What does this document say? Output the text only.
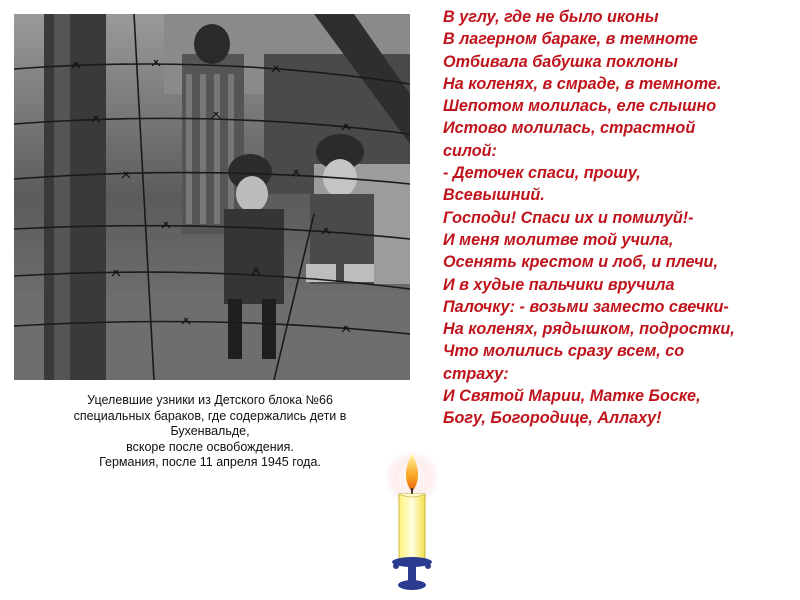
Уцелевшие узники из Детского блока №66
специальных бараков, где содержались дети в
Бухенвальде,
вскоре после освобождения.
Германия, после 11 апреля 1945 года.
В углу, где не было иконы
В лагерном бараке, в темноте
Отбивала бабушка поклоны
На коленях, в смраде, в темноте.
Шепотом молилась, еле слышно
Истово молилась, страстной
силой:
- Деточек спаси, прошу,
Всевышний.
Господи! Спаси их и помилуй!-
И меня молитве той учила,
Осенять крестом и лоб, и плечи,
И в худые пальчики вручила
Палочку: - возьми заместо свечки-
На коленях, рядышком, подростки,
Что молились сразу всем, со
страху:
И Святой Марии, Матке Боске,
Богу, Богородице, Аллаху!
